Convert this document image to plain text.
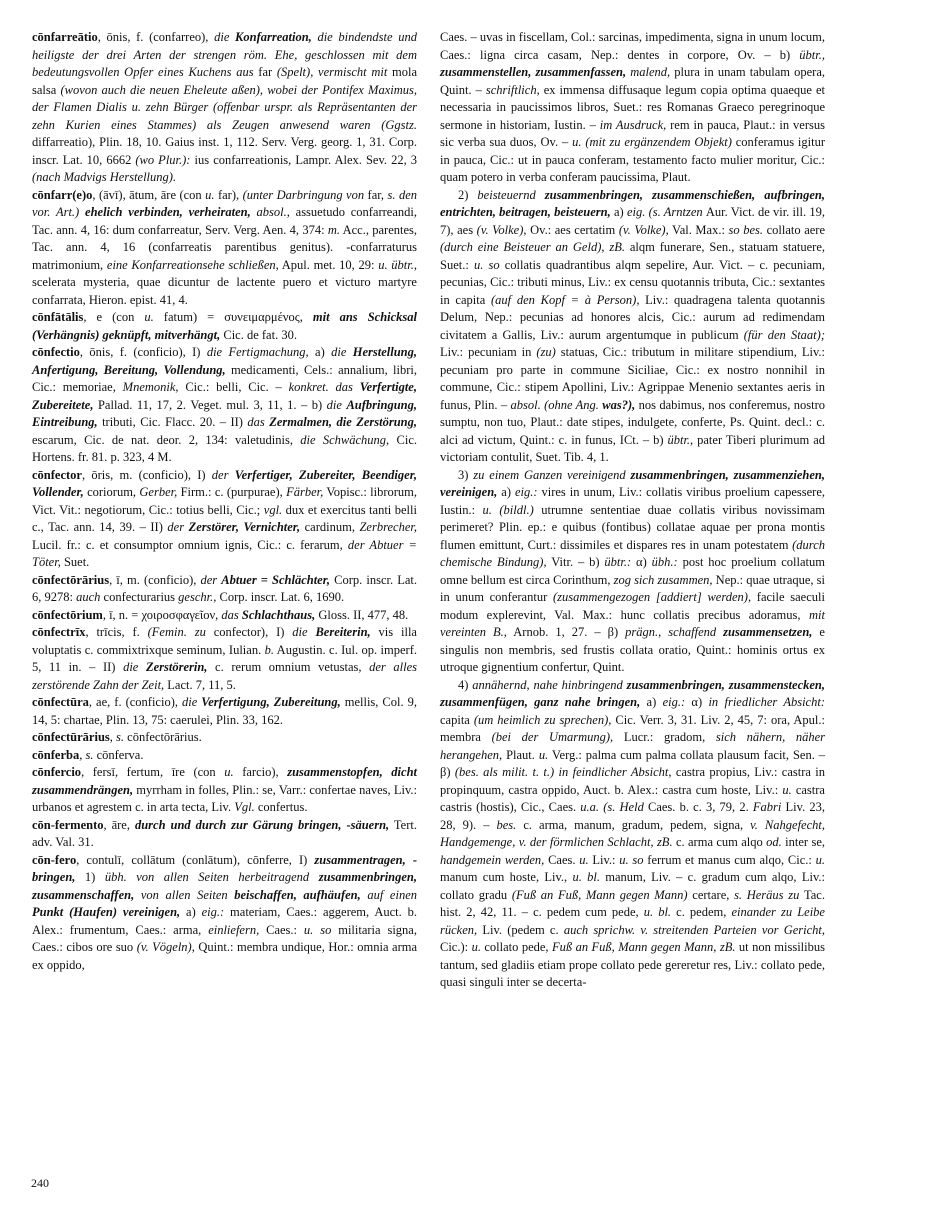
cōnfarreātio, ōnis, f. (confarreo), die Konfarreation, die bindendste und heiligste der drei Arten der strengen röm. Ehe, geschlossen mit dem bedeutungsvollen Opfer eines Kuchens aus far (Spelt), vermischt mit mola salsa (wovon auch die neuen Eheleute aßen), wobei der Pontifex Maximus, der Flamen Dialis u. zehn Bürger (offenbar urspr. als Repräsentanten der zehn Kurien eines Stammes) als Zeugen anwesend waren (Ggstz. diffarreatio), Plin. 18, 10. Gaius inst. 1, 112. Serv. Verg. georg. 1, 31. Corp. inscr. Lat. 10, 6662 (wo Plur.): ius confarreationis, Lampr. Alex. Sev. 22, 3 (nach Madvigs Herstellung).

cōnfarr(e)o, (āvī), ātum, āre (con u. far), (unter Darbringung von far, s. den vor. Art.) ehelich verbinden, verheiraten, absol., assuetudo confarreandi, Tac. ann. 4, 16: dum confarreatur, Serv. Verg. Aen. 4, 374: m. Acc., parentes, Tac. ann. 4, 16 (confarreatis parentibus genitus). -confarraturus matrimonium, eine Konfarreationsehe schließen, Apul. met. 10, 29: u. übtr., scelerata mysteria, quae dicuntur de lactente puero et victuro martyre confarrata, Hieron. epist. 41, 4.

cōnfātālis, e (con u. fatum) = συνειμαρμένος, mit ans Schicksal (Verhängnis) geknüpft, mitverhängt, Cic. de fat. 30.

cōnfectio, ōnis, f. (conficio), I) die Fertigmachung, a) die Herstellung, Anfertigung, Bereitung, Vollendung, medicamenti, Cels.: annalium, libri, Cic.: memoriae, Mnemonik, Cic.: belli, Cic. – konkret. das Verfertigte, Zubereitete, Pallad. 11, 17, 2. Veget. mul. 3, 11, 1. – b) die Aufbringung, Eintreibung, tributi, Cic. Flacc. 20. – II) das Zermalmen, die Zerstörung, escarum, Cic. de nat. deor. 2, 134: valetudinis, die Schwächung, Cic. Hortens. fr. 81. p. 323, 4 M.

cōnfector, ōris, m. (conficio), I) der Verfertiger, Zubereiter, Beendiger, Vollender, coriorum, Gerber, Firm.: c. (purpurae), Färber, Vopisc.: librorum, Vict. Vit.: negotiorum, Cic.: totius belli, Cic.; vgl. dux et exercitus tanti belli c., Tac. ann. 14, 39. – II) der Zerstörer, Vernichter, cardinum, Zerbrecher, Lucil. fr.: c. et consumptor omnium ignis, Cic.: c. ferarum, der Abtuer = Töter, Suet.

cōnfectōrārius, ī, m. (conficio), der Abtuer = Schlächter, Corp. inscr. Lat. 6, 9278: auch confecturarius geschr., Corp. inscr. Lat. 6, 1690.

cōnfectōrium, ī, n. = χοιροσφαγεῖον, das Schlachthaus, Gloss. II, 477, 48.

cōnfectrīx, trīcis, f. (Femin. zu confector), I) die Bereiterin, vis illa voluptatis c. commixtrixque seminum, Iulian. b. Augustin. c. Iul. op. imperf. 5, 11 in. – II) die Zerstörerin, c. rerum omnium vetustas, der alles zerstörende Zahn der Zeit, Lact. 7, 11, 5.

cōnfectūra, ae, f. (conficio), die Verfertigung, Zubereitung, mellis, Col. 9, 14, 5: chartae, Plin. 13, 75: caerulei, Plin. 33, 162.

cōnfectūrārius, s. cōnfectōrārius.

cōnferba, s. cōnferva.

cōnfercio, fersī, fertum, īre (con u. farcio), zusammenstopfen, dicht zusammendrängen, myrrham in folles, Plin.: se, Varr.: confertae naves, Liv.: urbanos et agrestem c. in arta tecta, Liv. Vgl. confertus.

cōn-fermento, āre, durch und durch zur Gärung bringen, -säuern, Tert. adv. Val. 31.

cōn-fero, contulī, collātum (conlātum), cōnferre, I) zusammentragen, -bringen, 1) übh. von allen Seiten herbeitragend zusammenbringen, zusammenschaffen, von allen Seiten beischaffen, aufhäufen, auf einen Punkt (Haufen) vereinigen, a) eig.: materiam, Caes.: aggerem, Auct. b. Alex.: frumentum, Caes.: arma, einliefern, Caes.: u. so militaria signa, Caes.: cibos ore suo (v. Vögeln), Quint.: membra undique, Hor.: omnia arma ex oppido,

Caes. – uvas in fiscellam, Col.: sarcinas, impedimenta, signa in unum locum, Caes.: ligna circa casam, Nep.: dentes in corpore, Ov. – b) übtr., zusammenstellen, zusammenfassen, malend, plura in unam tabulam opera, Quint. – schriftlich, ex immensa diffusaque legum copia optima quaeque et necessaria in paucissimos libros, Suet.: res Romanas Graeco peregrinoque sermone in historiam, Iustin. – im Ausdruck, rem in pauca, Plaut.: in versus sic verba sua duos, Ov. – u. (mit zu ergänzendem Objekt) conferamus igitur in pauca, Cic.: ut in pauca conferam, testamento facto mulier moritur, Cic.: quam potero in verba conferam paucissima, Plaut.

2) beisteuernd zusammenbringen, zusammenschießen, aufbringen, entrichten, beitragen, beisteuern, a) eig. (s. Arntzen Aur. Vict. de vir. ill. 19, 7), aes (v. Volke), Ov.: aes certatim (v. Volke), Val. Max.: so bes. collato aere (durch eine Beisteuer an Geld), zB. alqm funerare, Sen., statuam statuere, Suet.: u. so collatis quadrantibus alqm sepelire, Aur. Vict. – c. pecuniam, pecunias, Cic.: tributi minus, Liv.: ex censu quotannis tributa, Cic.: sextantes in capita (auf den Kopf = à Person), Liv.: quadragena talenta quotannis Delum, Nep.: pecunias ad honores alcis, Cic.: aurum ad redimendam civitatem a Gallis, Liv.: aurum argentumque in publicum (für den Staat); Liv.: pecuniam in (zu) statuas, Cic.: tributum in militare stipendium, Liv.: pecuniam pro parte in commune Siciliae, Cic.: ex nostro nonnihil in commune, Cic.: stipem Apollini, Liv.: Agrippae Menenio sextantes aeris in funus, Plin. – absol. (ohne Ang. was?), nos dabimus, nos conferemus, nostro sumptu, non tuo, Plaut.: date stipes, indulgete, conferte, Ps. Quint. decl.: c. alci ad victum, Quint.: c. in funus, ICt. – b) übtr., pater Tiberi plurimum ad victoriam contulit, Suet. Tib. 4, 1.

3) zu einem Ganzen vereinigend zusammenbringen, zusammenziehen, vereinigen, a) eig.: vires in unum, Liv.: collatis viribus proelium capessere, Iustin.: u. (bildl.) utrumne sententiae duae collatis viribus novissimam perimeret? Plin. ep.: e quibus (fontibus) collatae aquae per prona montis flumen emittunt, Curt.: dissimiles et dispares res in unam potestatem (durch chemische Bindung), Vitr. – b) übtr.: α) übh.: post hoc proelium collatum omne bellum est circa Corinthum, zog sich zusammen, Nep.: quae utraque, si in unum conferantur (zusammengezogen [addiert] werden), facile saeculi modum explerevint, Val. Max.: hunc collatis precibus adoramus, mit vereinten B., Arnob. 1, 27. – β) prägn., schaffend zusammensetzen, e singulis non membris, sed frustis collata oratio, Quint.: hominis ortus ex utroque gignentium confertur, Quint.

4) annähernd, nahe hinbringend zusammenbringen, zusammenstecken, zusammenfügen, ganz nahe bringen, a) eig.: α) in friedlicher Absicht: capita (um heimlich zu sprechen), Cic. Verr. 3, 31. Liv. 2, 45, 7: ora, Apul.: membra (bei der Umarmung), Lucr.: gradom, sich nähern, näher herangehen, Plaut. u. Verg.: palma cum palma collata plausum facit, Sen. – β) (bes. als milit. t. t.) in feindlicher Absicht, castra propius, Liv.: castra in propinquum, castra oppido, Auct. b. Alex.: castra cum hoste, Liv.: u. castra castris (hostis), Cic., Caes. u.a. (s. Held Caes. b. c. 3, 79, 2. Fabri Liv. 23, 28, 9). – bes. c. arma, manum, gradum, pedem, signa, v. Nahgefecht, Handgemenge, v. der förmlichen Schlacht, zB. c. arma cum alqo od. inter se, handgemein werden, Caes. u. Liv.: u. so ferrum et manus cum alqo, Cic.: u. manum cum hoste, Liv., u. bl. manum, Liv. – c. gradum cum alqo, Liv.: collato gradu (Fuß an Fuß, Mann gegen Mann) certare, s. Heräus zu Tac. hist. 2, 42, 11. – c. pedem cum pede, u. bl. c. pedem, einander zu Leibe rücken, Liv. (pedem c. auch sprichw. v. streitenden Parteien vor Gericht, Cic.): u. collato pede, Fuß an Fuß, Mann gegen Mann, zB. ut non missilibus tantum, sed gladiis etiam prope collato pede gereretur res, Liv.: collato pede, quasi singuli inter se decerta-

240
